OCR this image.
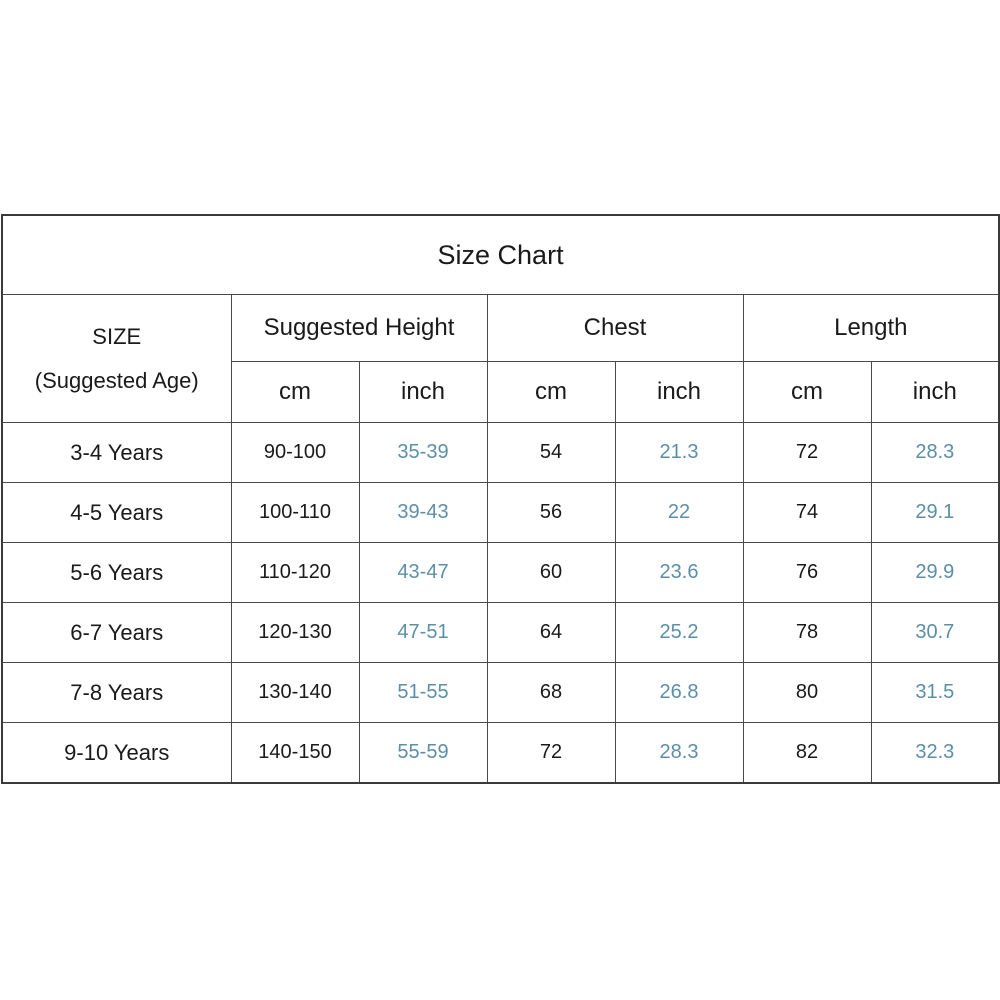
Size Chart						

SIZE
(Suggested Age)	Suggested Height		Chest		Length	
	cm	inch	cm	inch	cm	inch
3-4 Years	90-100	35-39	54	21.3	72	28.3
4-5 Years	100-110	39-43	56	22	74	29.1
5-6 Years	110-120	43-47	60	23.6	76	29.9
6-7 Years	120-130	47-51	64	25.2	78	30.7
7-8 Years	130-140	51-55	68	26.8	80	31.5
9-10 Years	140-150	55-59	72	28.3	82	32.3
